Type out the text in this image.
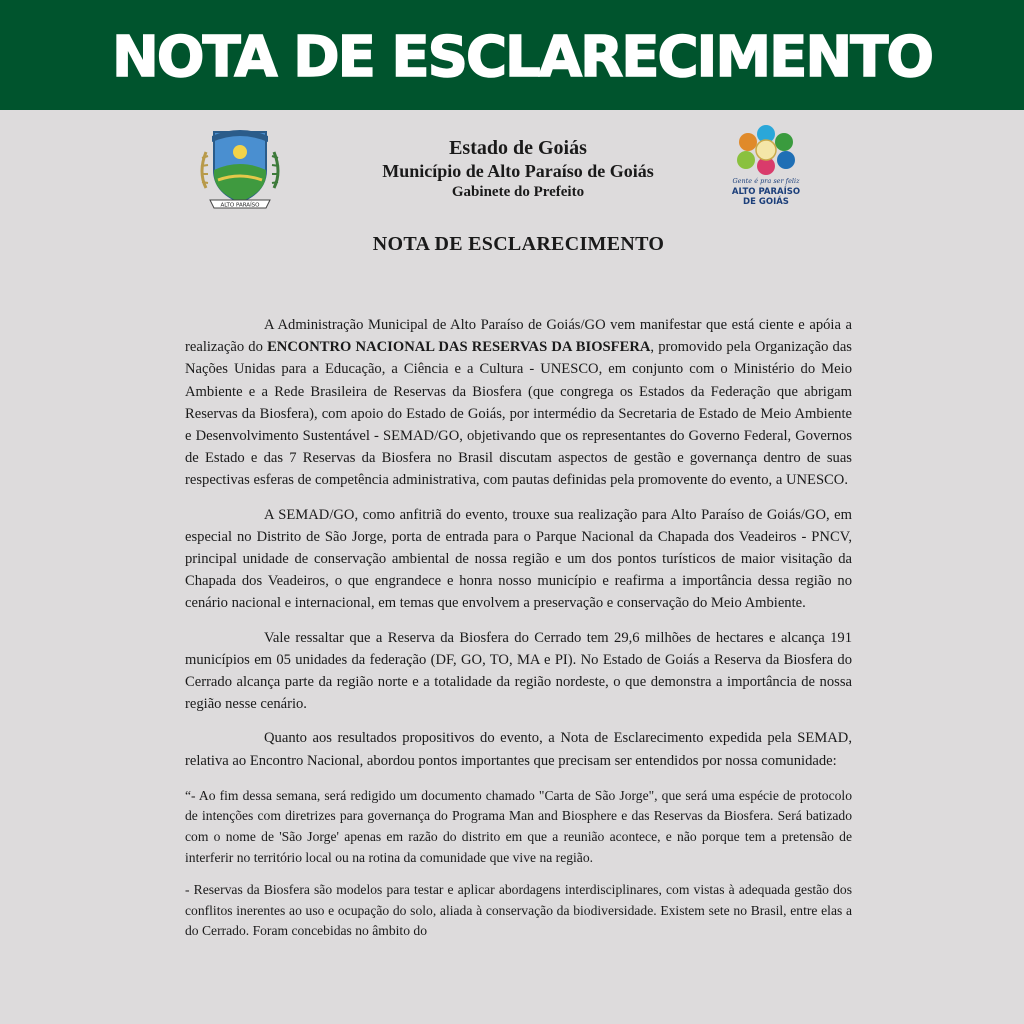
NOTA DE ESCLARECIMENTO
ALTO PARAÍSO
Estado de Goiás
Município de Alto Paraíso de Goiás
Gabinete do Prefeito
Gente é pra ser feliz
ALTO PARAÍSO
DE GOIÁS
NOTA DE ESCLARECIMENTO

A Administração Municipal de Alto Paraíso de Goiás/GO vem manifestar que está ciente e apóia a realização do ENCONTRO NACIONAL DAS RESERVAS DA BIOSFERA, promovido pela Organização das Nações Unidas para a Educação, a Ciência e a Cultura - UNESCO, em conjunto com o Ministério do Meio Ambiente e a Rede Brasileira de Reservas da Biosfera (que congrega os Estados da Federação que abrigam Reservas da Biosfera), com apoio do Estado de Goiás, por intermédio da Secretaria de Estado de Meio Ambiente e Desenvolvimento Sustentável - SEMAD/GO, objetivando que os representantes do Governo Federal, Governos de Estado e das 7 Reservas da Biosfera no Brasil discutam aspectos de gestão e governança dentro de suas respectivas esferas de competência administrativa, com pautas definidas pela promovente do evento, a UNESCO.

A SEMAD/GO, como anfitriã do evento, trouxe sua realização para Alto Paraíso de Goiás/GO, em especial no Distrito de São Jorge, porta de entrada para o Parque Nacional da Chapada dos Veadeiros - PNCV, principal unidade de conservação ambiental de nossa região e um dos pontos turísticos de maior visitação da Chapada dos Veadeiros, o que engrandece e honra nosso município e reafirma a importância dessa região no cenário nacional e internacional, em temas que envolvem a preservação e conservação do Meio Ambiente.

Vale ressaltar que a Reserva da Biosfera do Cerrado tem 29,6 milhões de hectares e alcança 191 municípios em 05 unidades da federação (DF, GO, TO, MA e PI). No Estado de Goiás a Reserva da Biosfera do Cerrado alcança parte da região norte e a totalidade da região nordeste, o que demonstra a importância de nossa região nesse cenário.

Quanto aos resultados propositivos do evento, a Nota de Esclarecimento expedida pela SEMAD, relativa ao Encontro Nacional, abordou pontos importantes que precisam ser entendidos por nossa comunidade:

“- Ao fim dessa semana, será redigido um documento chamado "Carta de São Jorge", que será uma espécie de protocolo de intenções com diretrizes para governança do Programa Man and Biosphere e das Reservas da Biosfera. Será batizado com o nome de 'São Jorge' apenas em razão do distrito em que a reunião acontece, e não porque tem a pretensão de interferir no território local ou na rotina da comunidade que vive na região.

- Reservas da Biosfera são modelos para testar e aplicar abordagens interdisciplinares, com vistas à adequada gestão dos conflitos inerentes ao uso e ocupação do solo, aliada à conservação da biodiversidade. Existem sete no Brasil, entre elas a do Cerrado. Foram concebidas no âmbito do
